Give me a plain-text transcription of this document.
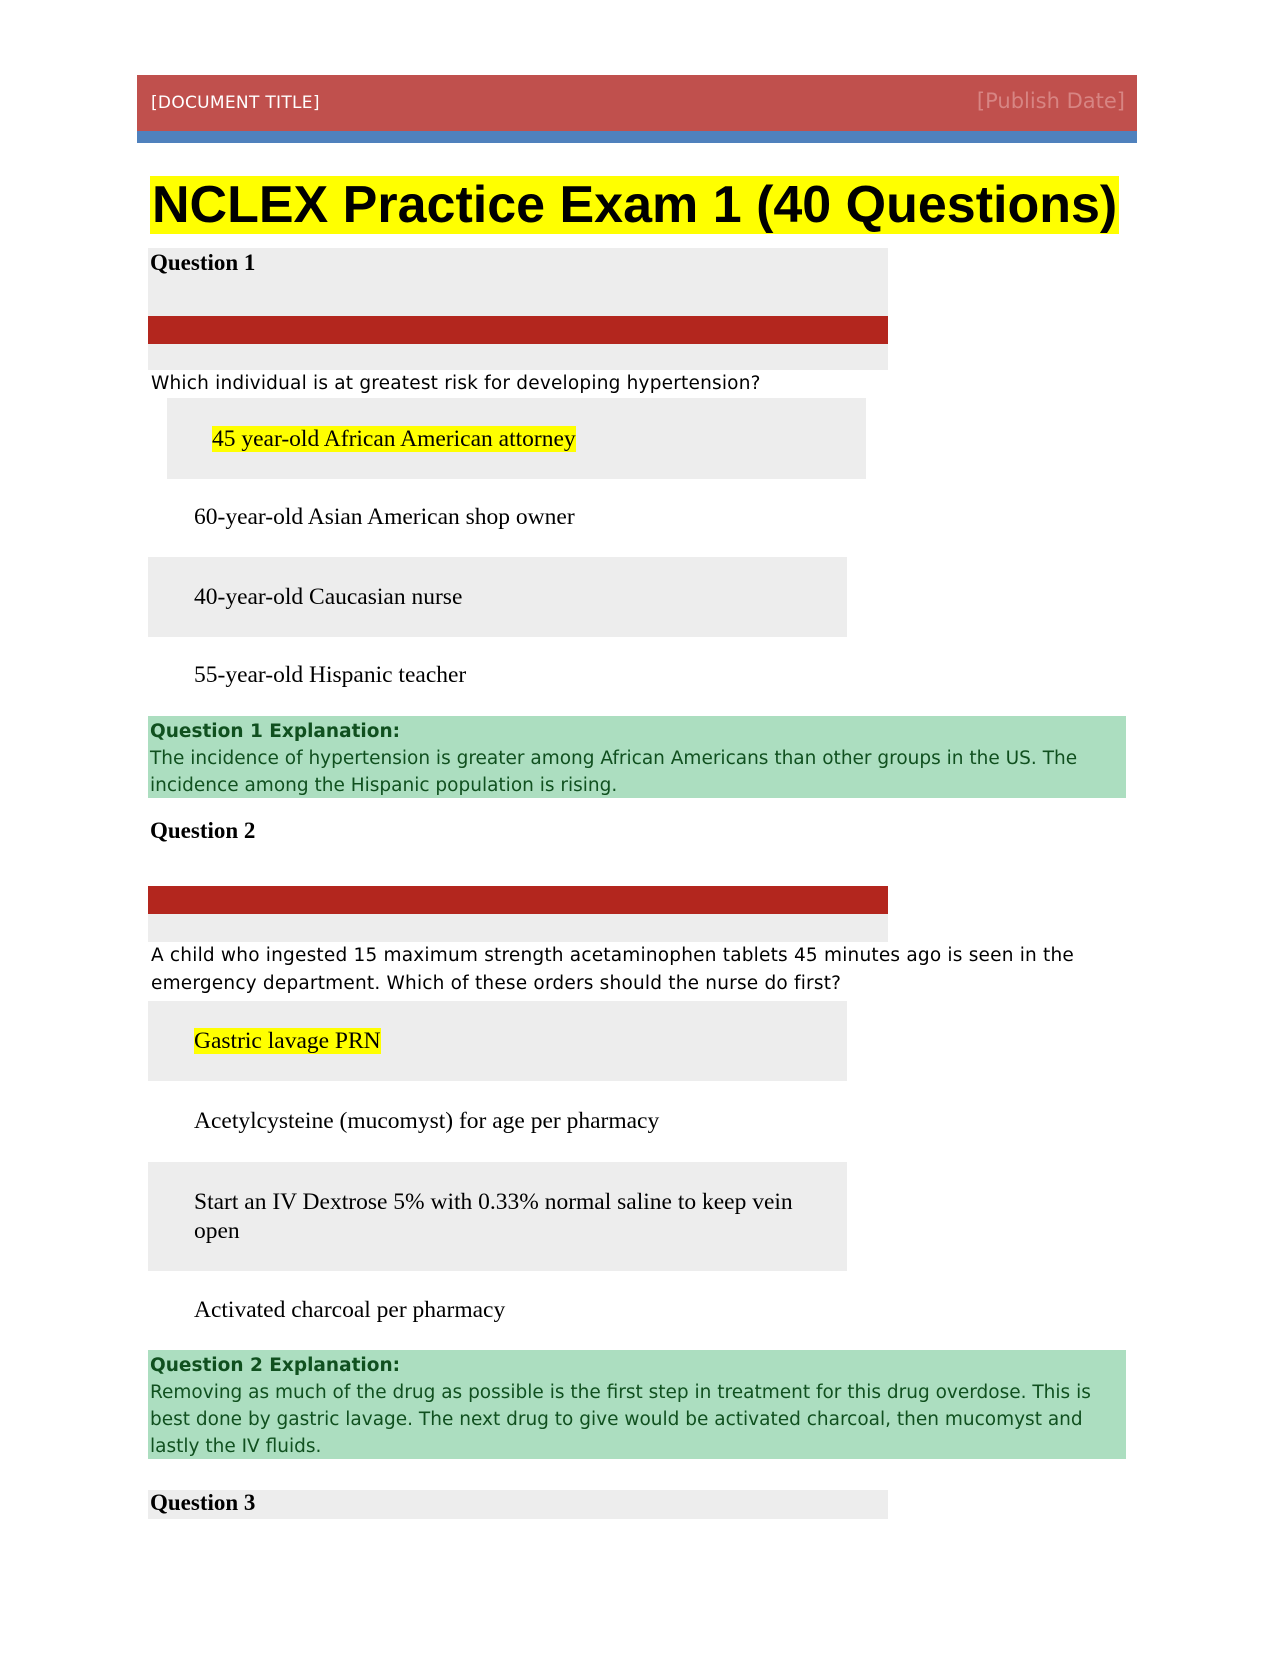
[DOCUMENT TITLE]	[Publish Date]
NCLEX Practice Exam 1 (40 Questions)
Question 1
Which individual is at greatest risk for developing hypertension?
45 year-old African American attorney
60-year-old Asian American shop owner
40-year-old Caucasian nurse
55-year-old Hispanic teacher
Question 1 Explanation:
The incidence of hypertension is greater among African Americans than other groups in the US. The incidence among the Hispanic population is rising.
Question 2
A child who ingested 15 maximum strength acetaminophen tablets 45 minutes ago is seen in the emergency department. Which of these orders should the nurse do first?
Gastric lavage PRN
Acetylcysteine (mucomyst) for age per pharmacy
Start an IV Dextrose 5% with 0.33% normal saline to keep vein open
Activated charcoal per pharmacy
Question 2 Explanation:
Removing as much of the drug as possible is the first step in treatment for this drug overdose. This is best done by gastric lavage. The next drug to give would be activated charcoal, then mucomyst and lastly the IV fluids.
Question 3
